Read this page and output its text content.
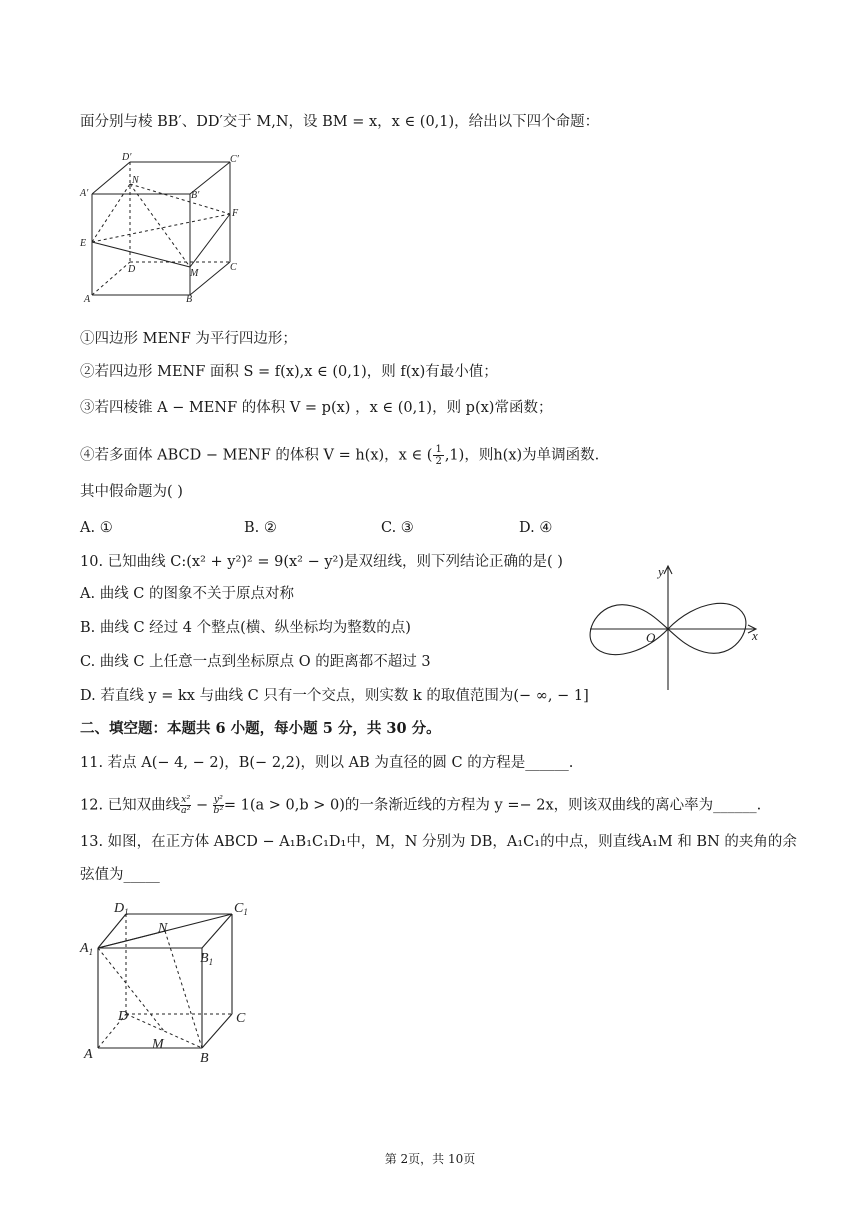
面分别与棱 BB′、DD′交于 M,N，设 BM = x，x ∈ (0,1)，给出以下四个命题：
D′	C′
A′
N
B′
F
E
D	M
C
A	B
①四边形 MENF 为平行四边形；
②若四边形 MENF 面积 S = f(x),x ∈ (0,1)，则 f(x)有最小值；
③若四棱锥 A − MENF 的体积 V = p(x) ，x ∈ (0,1)，则 p(x)常函数；
④若多面体 ABCD − MENF 的体积 V = h(x)，x ∈ ( $\frac{1}{2} ,1$)，则h(x)为单调函数.
其中假命题为( )
A. ①	B. ②	C. ③	D. ④
10. 已知曲线 C:(x² + y²)² = 9(x² − y²)是双纽线，则下列结论正确的是( )
A. 曲线 C 的图象不关于原点对称
B. 曲线 C 经过 4 个整点(横、纵坐标均为整数的点)
C. 曲线 C 上任意一点到坐标原点 O 的距离都不超过 3
D. 若直线 y = kx 与曲线 C 只有一个交点，则实数 k 的取值范围为(− ∞, − 1]
y
O	x
二、填空题：本题共 6 小题，每小题 5 分，共 30 分。
11. 若点 A(− 4, − 2)，B(− 2,2)，则以 AB 为直径的圆 C 的方程是______.
12. 已知双曲线 $\frac{\text{x²}}{\text{a²}} - \frac{\text{y²}}{\text{b²}} = 1(a > 0,b > 0)$的一条渐近线的方程为 y =− 2x，则该双曲线的离心率为______.
13. 如图，在正方体 ABCD − A₁B₁C₁D₁中，M，N 分别为 DB，A₁C₁的中点，则直线A₁M 和 BN 的夹角的余
弦值为_____
$D_1$	$C_1$
N
$A_1$	$B_1$
D	C
M
A	B
第 2页，共 10页
